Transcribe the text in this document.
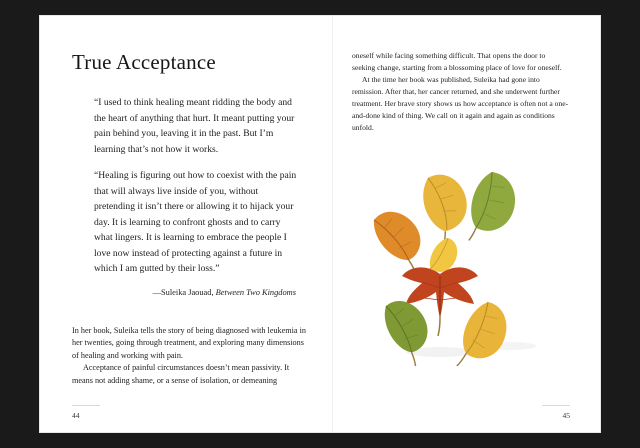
True Acceptance

“I used to think healing meant ridding the body and the heart of anything that hurt. It meant putting your pain behind you, leaving it in the past. But I’m learning that’s not how it works.

“Healing is figuring out how to coexist with the pain that will always live inside of you, without pretending it isn’t there or allowing it to hijack your day. It is learning to confront ghosts and to carry what lingers. It is learning to embrace the people I love now instead of protecting against a future in which I am gutted by their loss.”

—Suleika Jaouad, Between Two Kingdoms

In her book, Suleika tells the story of being diagnosed with leukemia in her twenties, going through treatment, and exploring many dimensions of healing and working with pain.

Acceptance of painful circumstances doesn’t mean passivity. It means not adding shame, or a sense of isolation, or demeaning

44

oneself while facing something difficult. That opens the door to seeking change, starting from a blossoming place of love for oneself.

At the time her book was published, Suleika had gone into remission. After that, her cancer returned, and she underwent further treatment. Her brave story shows us how acceptance is often not a one-and-done kind of thing. We call on it again and again as conditions unfold.

45
